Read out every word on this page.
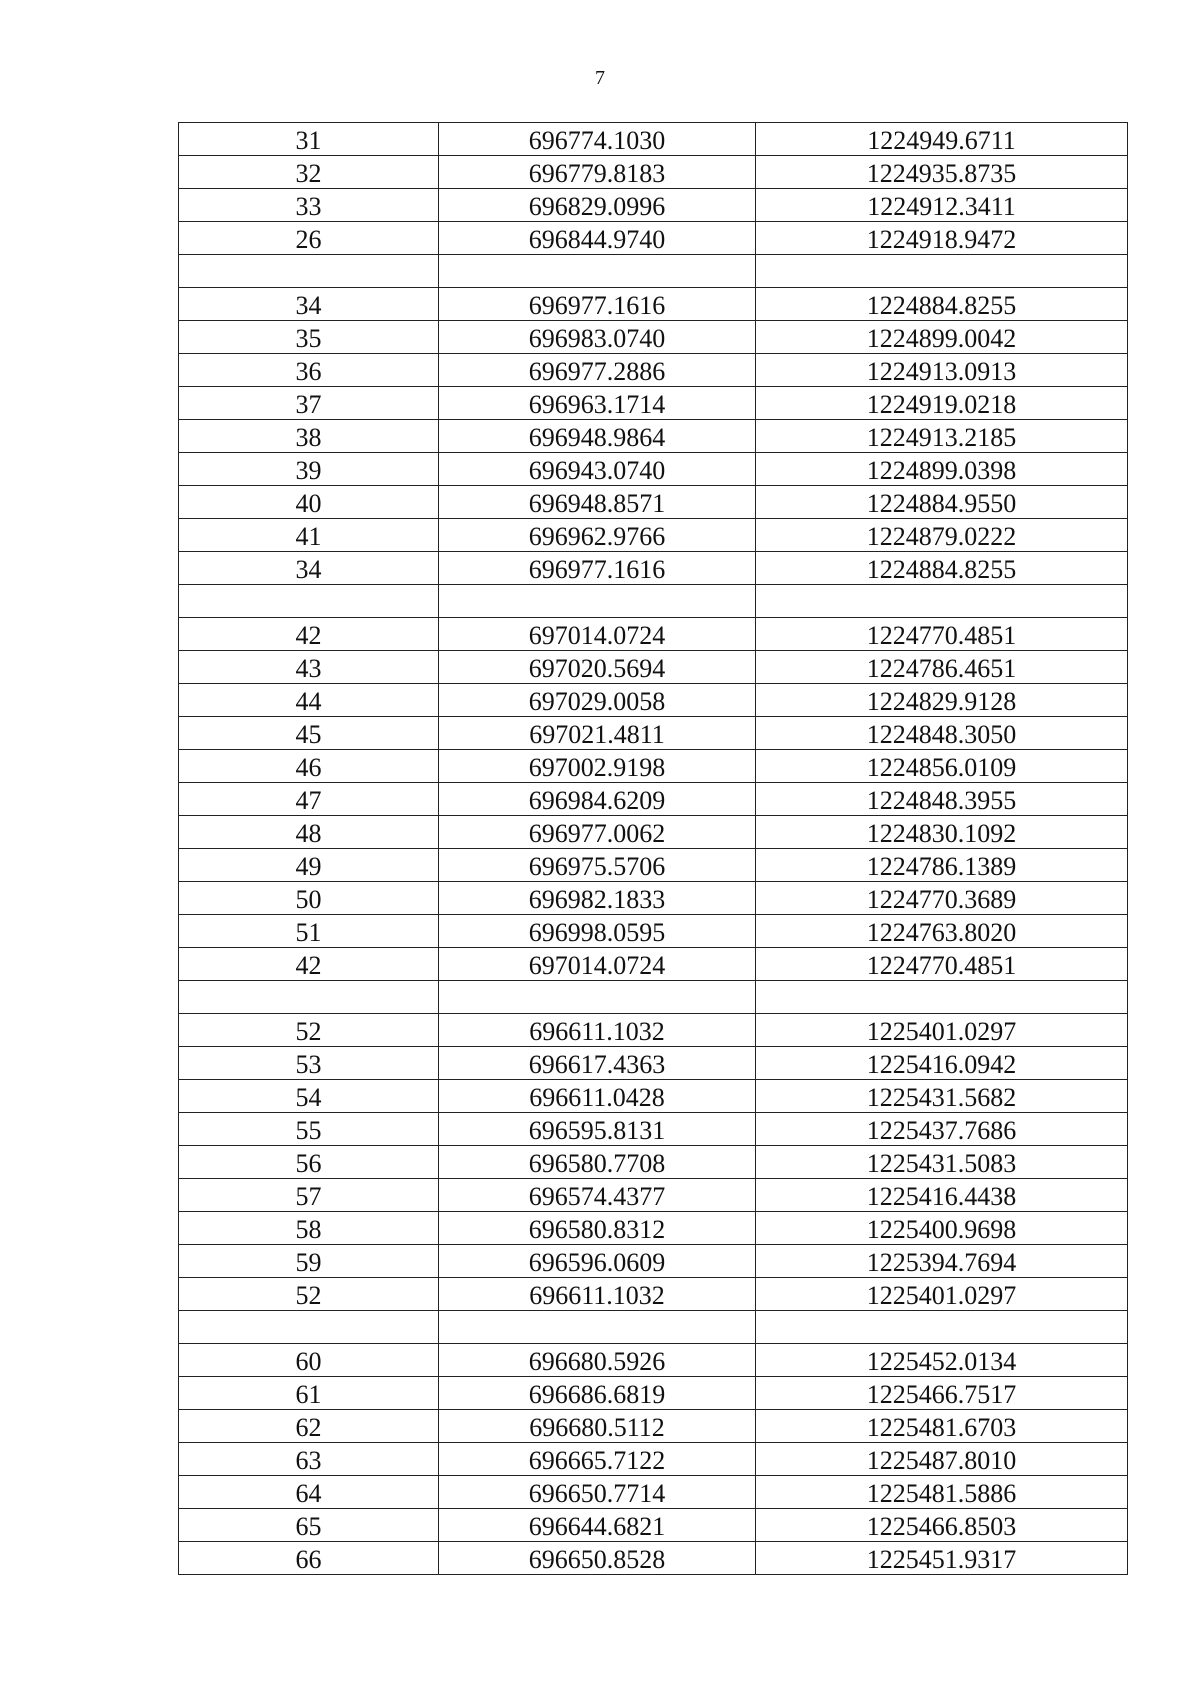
7
31	696774.1030	1224949.6711
32	696779.8183	1224935.8735
33	696829.0996	1224912.3411
26	696844.9740	1224918.9472

34	696977.1616	1224884.8255
35	696983.0740	1224899.0042
36	696977.2886	1224913.0913
37	696963.1714	1224919.0218
38	696948.9864	1224913.2185
39	696943.0740	1224899.0398
40	696948.8571	1224884.9550
41	696962.9766	1224879.0222
34	696977.1616	1224884.8255

42	697014.0724	1224770.4851
43	697020.5694	1224786.4651
44	697029.0058	1224829.9128
45	697021.4811	1224848.3050
46	697002.9198	1224856.0109
47	696984.6209	1224848.3955
48	696977.0062	1224830.1092
49	696975.5706	1224786.1389
50	696982.1833	1224770.3689
51	696998.0595	1224763.8020
42	697014.0724	1224770.4851

52	696611.1032	1225401.0297
53	696617.4363	1225416.0942
54	696611.0428	1225431.5682
55	696595.8131	1225437.7686
56	696580.7708	1225431.5083
57	696574.4377	1225416.4438
58	696580.8312	1225400.9698
59	696596.0609	1225394.7694
52	696611.1032	1225401.0297

60	696680.5926	1225452.0134
61	696686.6819	1225466.7517
62	696680.5112	1225481.6703
63	696665.7122	1225487.8010
64	696650.7714	1225481.5886
65	696644.6821	1225466.8503
66	696650.8528	1225451.9317
